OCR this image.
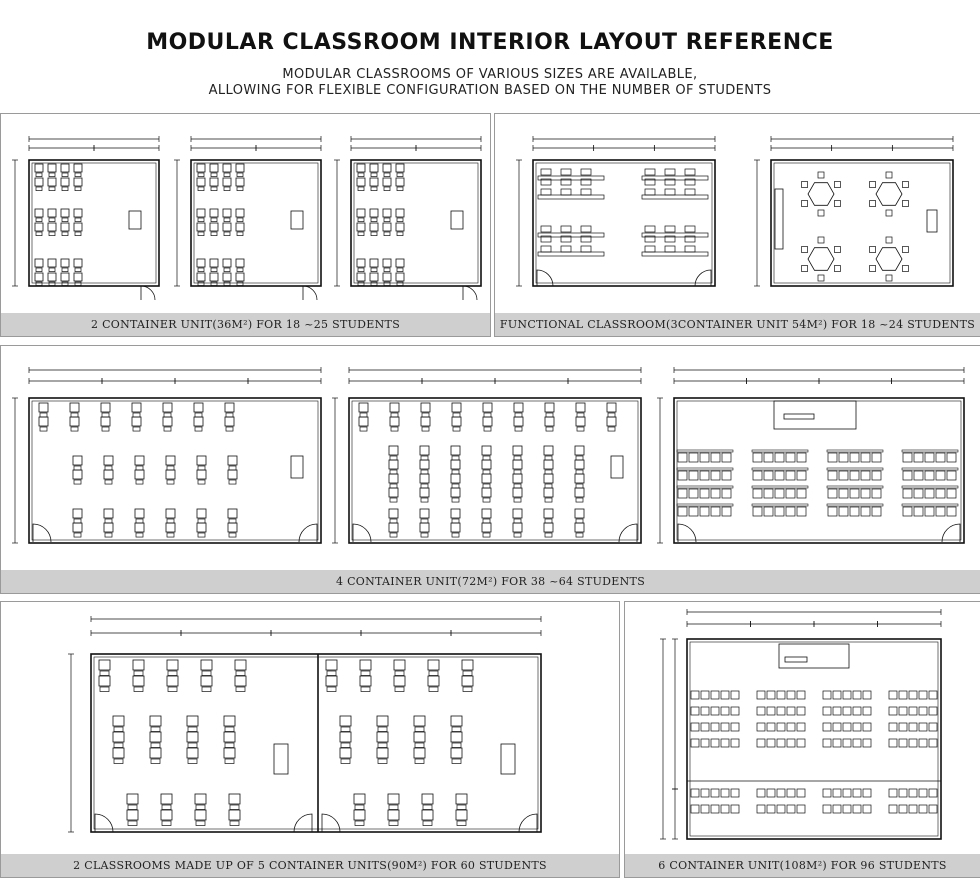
MODULAR CLASSROOM INTERIOR LAYOUT REFERENCE
MODULAR CLASSROOMS OF VARIOUS SIZES ARE AVAILABLE,
ALLOWING FOR FLEXIBLE CONFIGURATION BASED ON THE NUMBER OF STUDENTS
2 CONTAINER UNIT(36M²) FOR 18 ~25 STUDENTS	FUNCTIONAL CLASSROOM(3CONTAINER UNIT 54M²) FOR 18 ~24 STUDENTS
4 CONTAINER UNIT(72M²) FOR 38 ~64 STUDENTS
2 CLASSROOMS MADE UP OF 5 CONTAINER UNITS(90M²) FOR 60 STUDENTS	6 CONTAINER UNIT(108M²) FOR 96 STUDENTS
